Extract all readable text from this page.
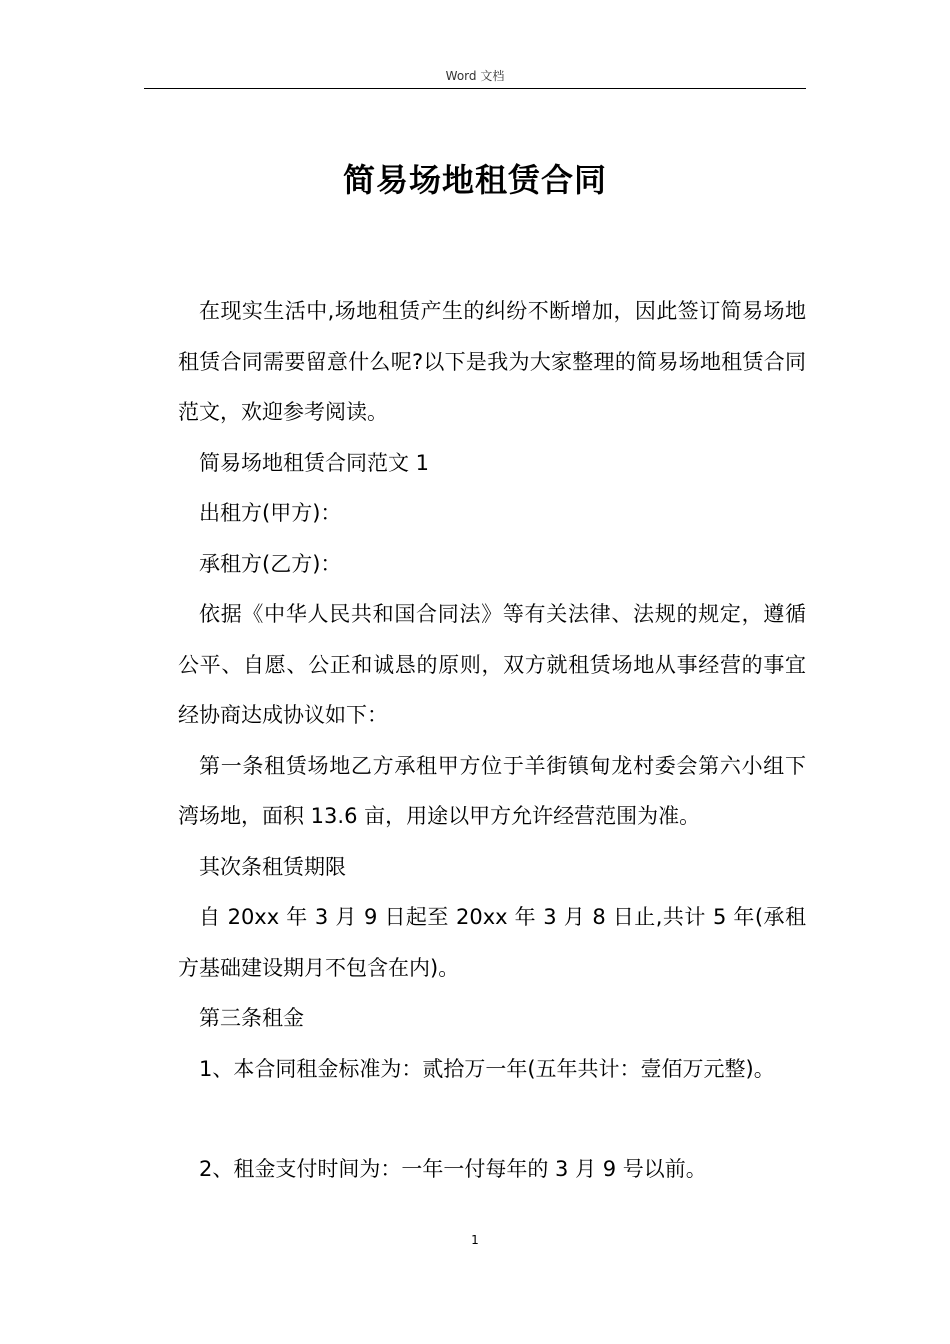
Word 文档
简易场地租赁合同

在现实生活中,场地租赁产生的纠纷不断增加，因此签订简易场地租赁合同需要留意什么呢?以下是我为大家整理的简易场地租赁合同范文，欢迎参考阅读。

简易场地租赁合同范文 1

出租方(甲方)：

承租方(乙方)：

依据《中华人民共和国合同法》等有关法律、法规的规定，遵循公平、自愿、公正和诚恳的原则，双方就租赁场地从事经营的事宜经协商达成协议如下：

第一条租赁场地乙方承租甲方位于羊街镇甸龙村委会第六小组下湾场地，面积 13.6 亩，用途以甲方允许经营范围为准。

其次条租赁期限

自 20xx 年 3 月 9 日起至 20xx 年 3 月 8 日止,共计 5 年(承租方基础建设期月不包含在内)。

第三条租金

1、本合同租金标准为：贰拾万一年(五年共计：壹佰万元整)。

2、租金支付时间为：一年一付每年的 3 月 9 号以前。

1
